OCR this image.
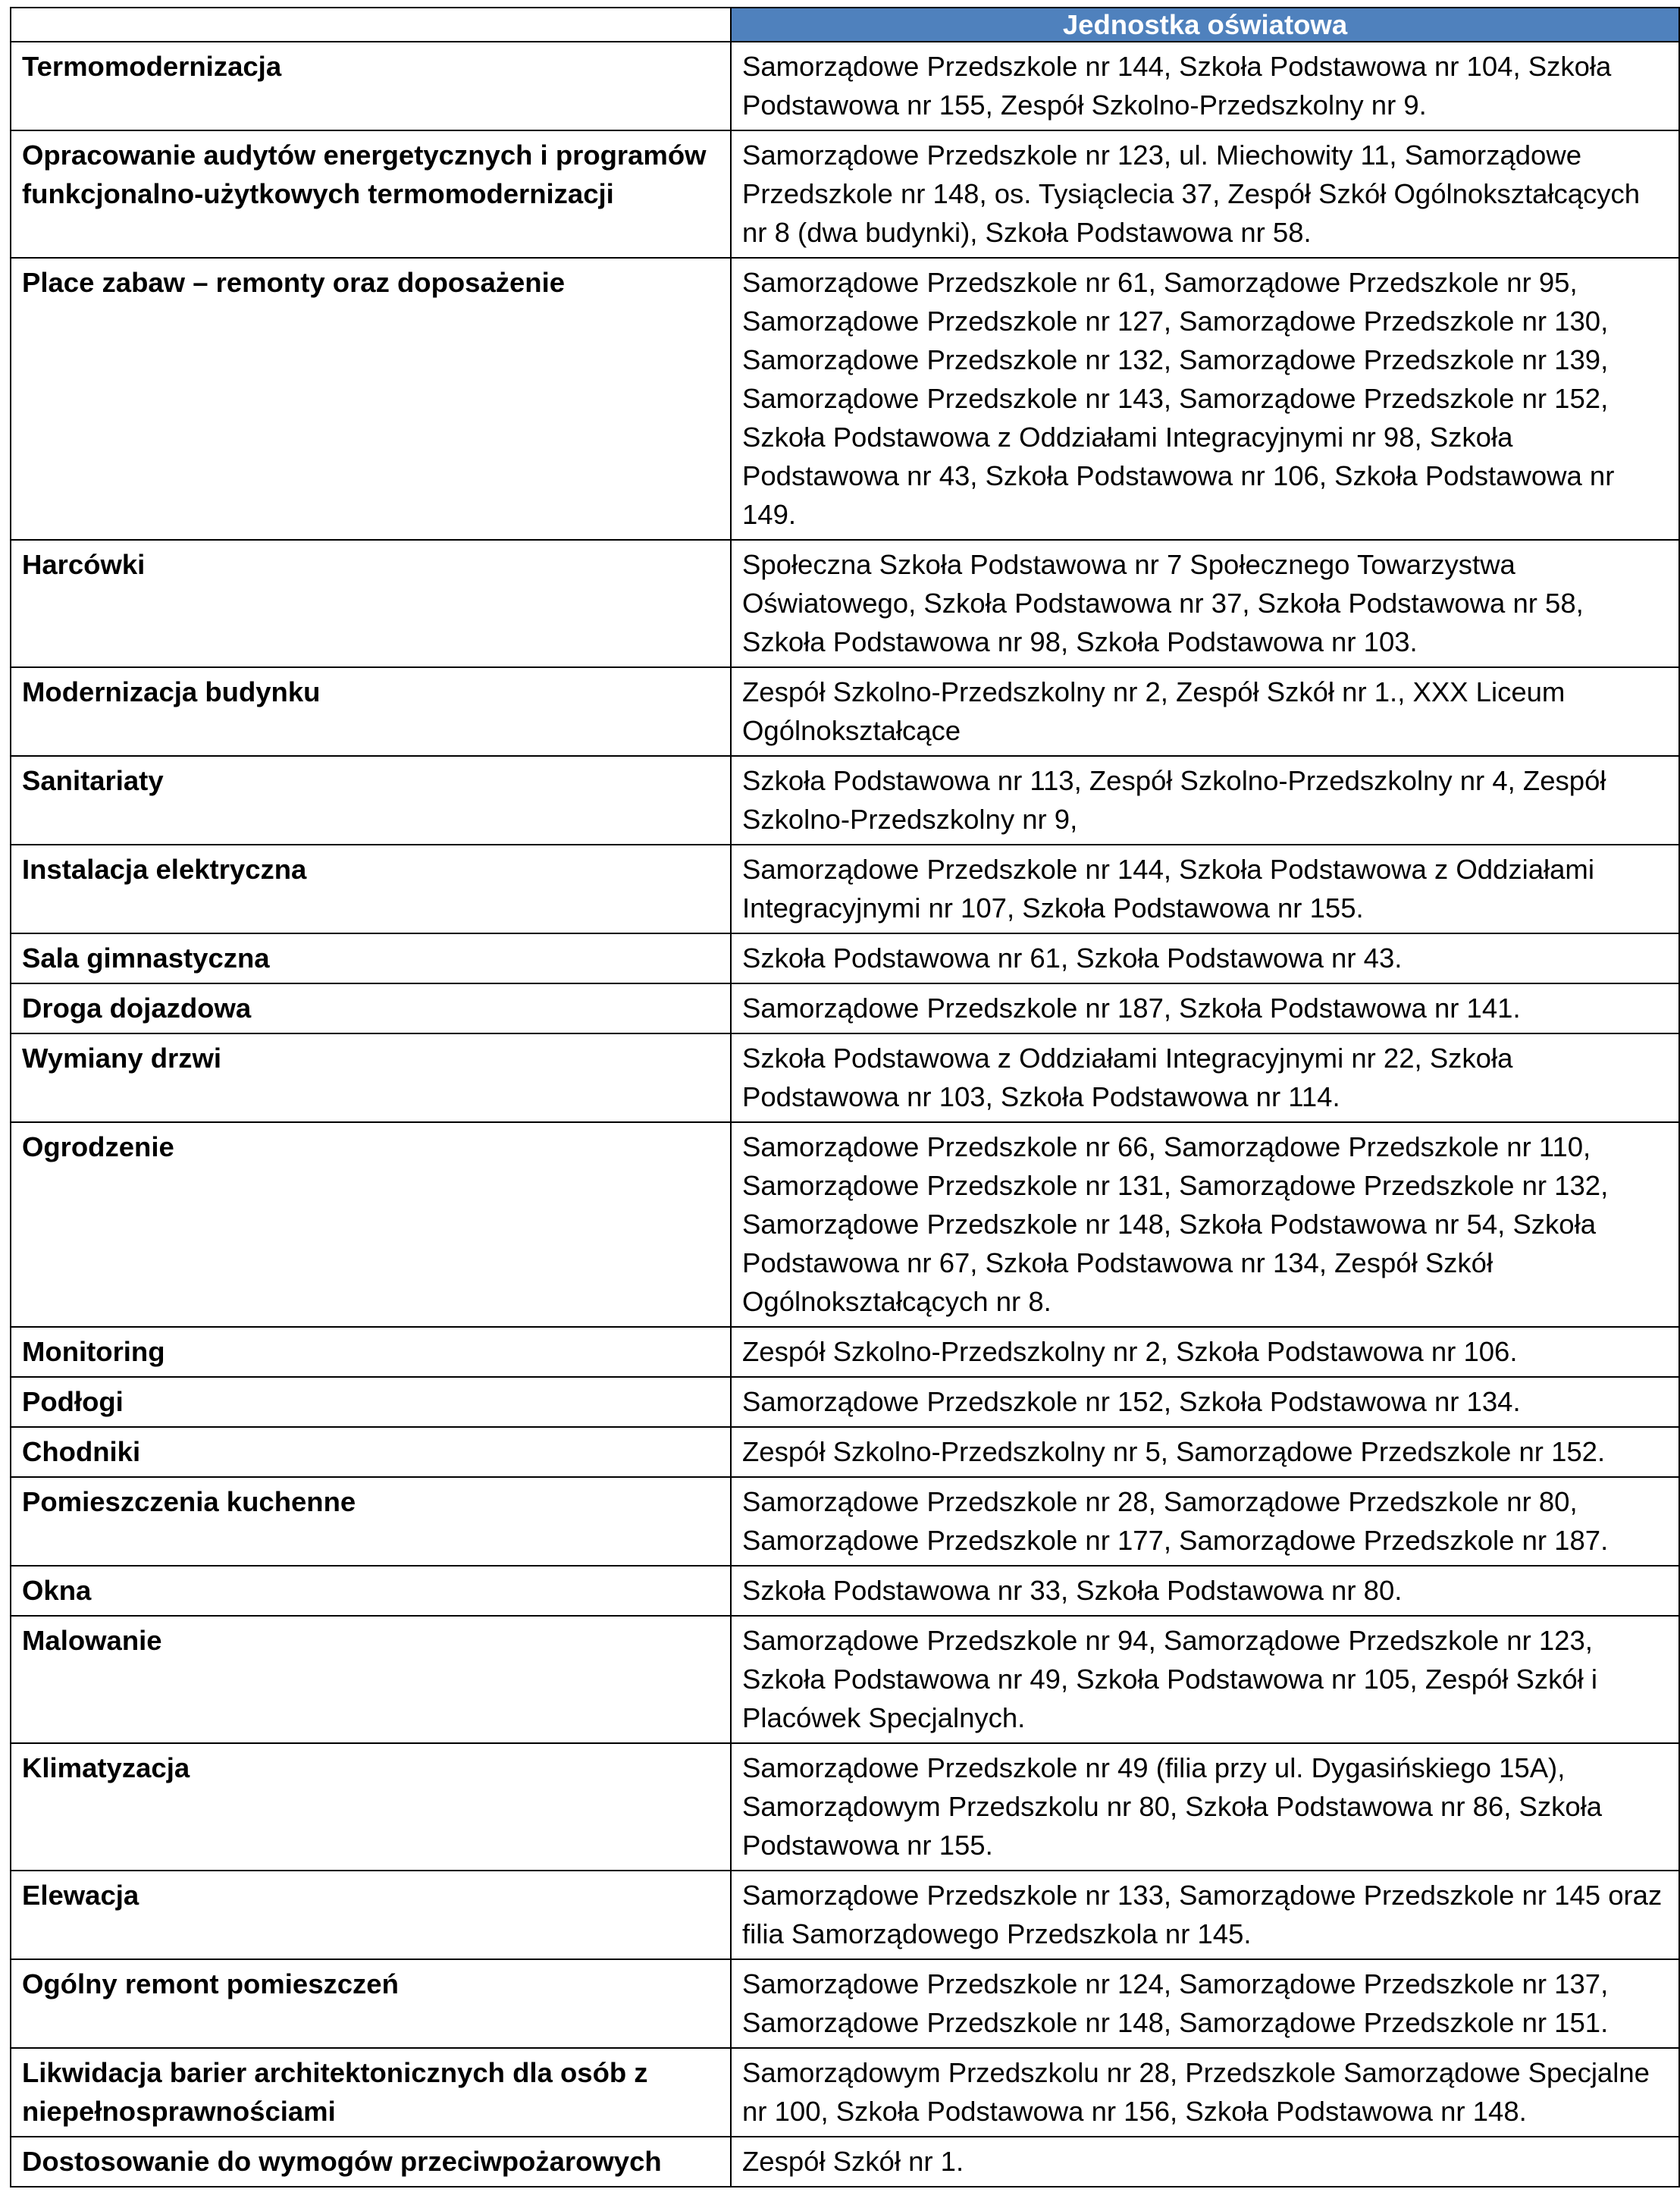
	Jednostka oświatowa
Termomodernizacja	Samorządowe Przedszkole nr 144, Szkoła Podstawowa nr 104, Szkoła Podstawowa nr 155, Zespół Szkolno-Przedszkolny nr 9.
Opracowanie audytów energetycznych i programów funkcjonalno-użytkowych termomodernizacji	Samorządowe Przedszkole nr 123, ul. Miechowity 11, Samorządowe Przedszkole nr 148, os. Tysiąclecia 37, Zespół Szkół Ogólnokształcących nr 8 (dwa budynki), Szkoła Podstawowa nr 58.
Place zabaw – remonty oraz doposażenie	Samorządowe Przedszkole nr 61, Samorządowe Przedszkole nr 95, Samorządowe Przedszkole nr 127, Samorządowe Przedszkole nr 130, Samorządowe Przedszkole nr 132, Samorządowe Przedszkole nr 139, Samorządowe Przedszkole nr 143, Samorządowe Przedszkole nr 152, Szkoła Podstawowa z Oddziałami Integracyjnymi nr 98, Szkoła Podstawowa nr 43, Szkoła Podstawowa nr 106, Szkoła Podstawowa nr 149.
Harcówki	Społeczna Szkoła Podstawowa nr 7 Społecznego Towarzystwa Oświatowego, Szkoła Podstawowa nr 37, Szkoła Podstawowa nr 58, Szkoła Podstawowa nr 98, Szkoła Podstawowa nr 103.
Modernizacja budynku	Zespół Szkolno-Przedszkolny nr 2, Zespół Szkół nr 1., XXX Liceum Ogólnokształcące
Sanitariaty	Szkoła Podstawowa nr 113, Zespół Szkolno-Przedszkolny nr 4, Zespół Szkolno-Przedszkolny nr 9,
Instalacja elektryczna	Samorządowe Przedszkole nr 144, Szkoła Podstawowa z Oddziałami Integracyjnymi nr 107, Szkoła Podstawowa nr 155.
Sala gimnastyczna	Szkoła Podstawowa nr 61, Szkoła Podstawowa nr 43.
Droga dojazdowa	Samorządowe Przedszkole nr 187, Szkoła Podstawowa nr 141.
Wymiany drzwi	Szkoła Podstawowa z Oddziałami Integracyjnymi nr 22, Szkoła Podstawowa nr 103, Szkoła Podstawowa nr 114.
Ogrodzenie	Samorządowe Przedszkole nr 66, Samorządowe Przedszkole nr 110, Samorządowe Przedszkole nr 131, Samorządowe Przedszkole nr 132, Samorządowe Przedszkole nr 148, Szkoła Podstawowa nr 54, Szkoła Podstawowa nr 67, Szkoła Podstawowa nr 134, Zespół Szkół Ogólnokształcących nr 8.
Monitoring	Zespół Szkolno-Przedszkolny nr 2, Szkoła Podstawowa nr 106.
Podłogi	Samorządowe Przedszkole nr 152, Szkoła Podstawowa nr 134.
Chodniki	Zespół Szkolno-Przedszkolny nr 5, Samorządowe Przedszkole nr 152.
Pomieszczenia kuchenne	Samorządowe Przedszkole nr 28, Samorządowe Przedszkole nr 80, Samorządowe Przedszkole nr 177, Samorządowe Przedszkole nr 187.
Okna	Szkoła Podstawowa nr 33, Szkoła Podstawowa nr 80.
Malowanie	Samorządowe Przedszkole nr 94, Samorządowe Przedszkole nr 123, Szkoła Podstawowa nr 49, Szkoła Podstawowa nr 105, Zespół Szkół i Placówek Specjalnych.
Klimatyzacja	Samorządowe Przedszkole nr 49 (filia przy ul. Dygasińskiego 15A), Samorządowym Przedszkolu nr 80, Szkoła Podstawowa nr 86, Szkoła Podstawowa nr 155.
Elewacja	Samorządowe Przedszkole nr 133, Samorządowe Przedszkole nr 145 oraz filia Samorządowego Przedszkola nr 145.
Ogólny remont pomieszczeń	Samorządowe Przedszkole nr 124, Samorządowe Przedszkole nr 137, Samorządowe Przedszkole nr 148, Samorządowe Przedszkole nr 151.
Likwidacja barier architektonicznych dla osób z niepełnosprawnościami	Samorządowym Przedszkolu nr 28, Przedszkole Samorządowe Specjalne nr 100, Szkoła Podstawowa nr 156, Szkoła Podstawowa nr 148.
Dostosowanie do wymogów przeciwpożarowych	Zespół Szkół nr 1.
